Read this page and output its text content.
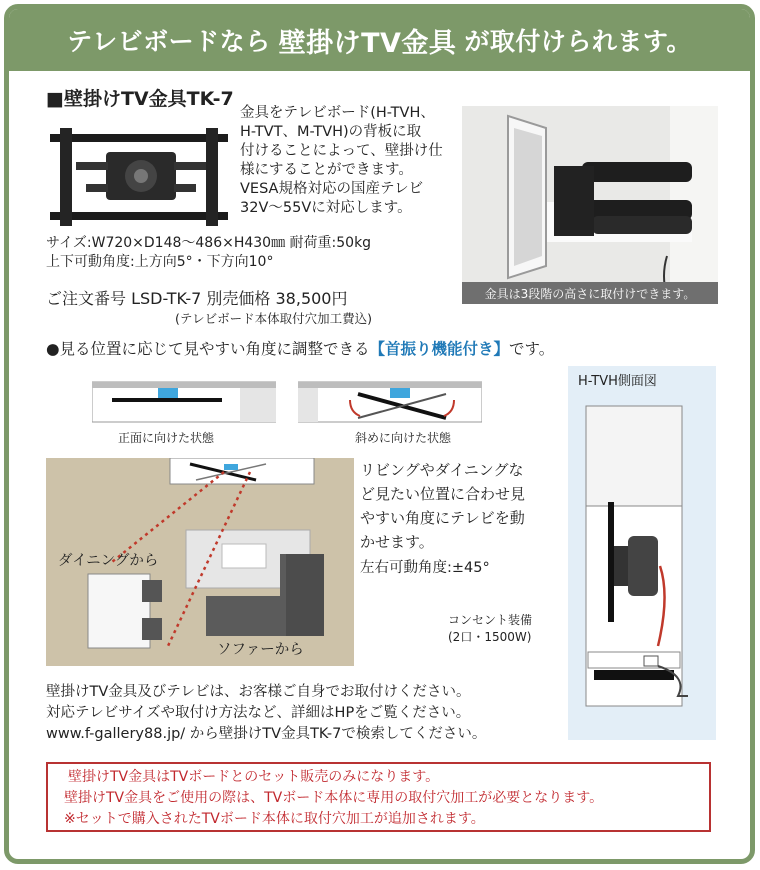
テレビボードなら 壁掛けTV金具 が取付けられます。
■壁掛けTV金具TK-7
金具をテレビボード(H-TVH、
H-TVT、M-TVH)の背板に取
付けることによって、壁掛け仕
様にすることができます。
VESA規格対応の国産テレビ
32V〜55Vに対応します。
金具は3段階の高さに取付けできます。
サイズ:W720×D148〜486×H430㎜ 耐荷重:50kg
上下可動角度:上方向5°・下方向10°
ご注文番号 LSD-TK-7 別売価格 38,500円
(テレビボード本体取付穴加工費込)
●見る位置に応じて見やすい角度に調整できる【首振り機能付き】です。
正面に向けた状態	斜めに向けた状態
ダイニングから
ソファーから
リビングやダイニングな
ど見たい位置に合わせ見
やすい角度にテレビを動
かせます。
左右可動角度:±45°
H-TVH側面図
コンセント装備
(2口・1500W)
壁掛けTV金具及びテレビは、お客様ご自身でお取付けください。
対応テレビサイズや取付け方法など、詳細はHPをご覧ください。
www.f-gallery88.jp/ から壁掛けTV金具TK-7で検索してください。
壁掛けTV金具はTVボードとのセット販売のみになります。
壁掛けTV金具をご使用の際は、TVボード本体に専用の取付穴加工が必要となります。
※セットで購入されたTVボード本体に取付穴加工が追加されます。
